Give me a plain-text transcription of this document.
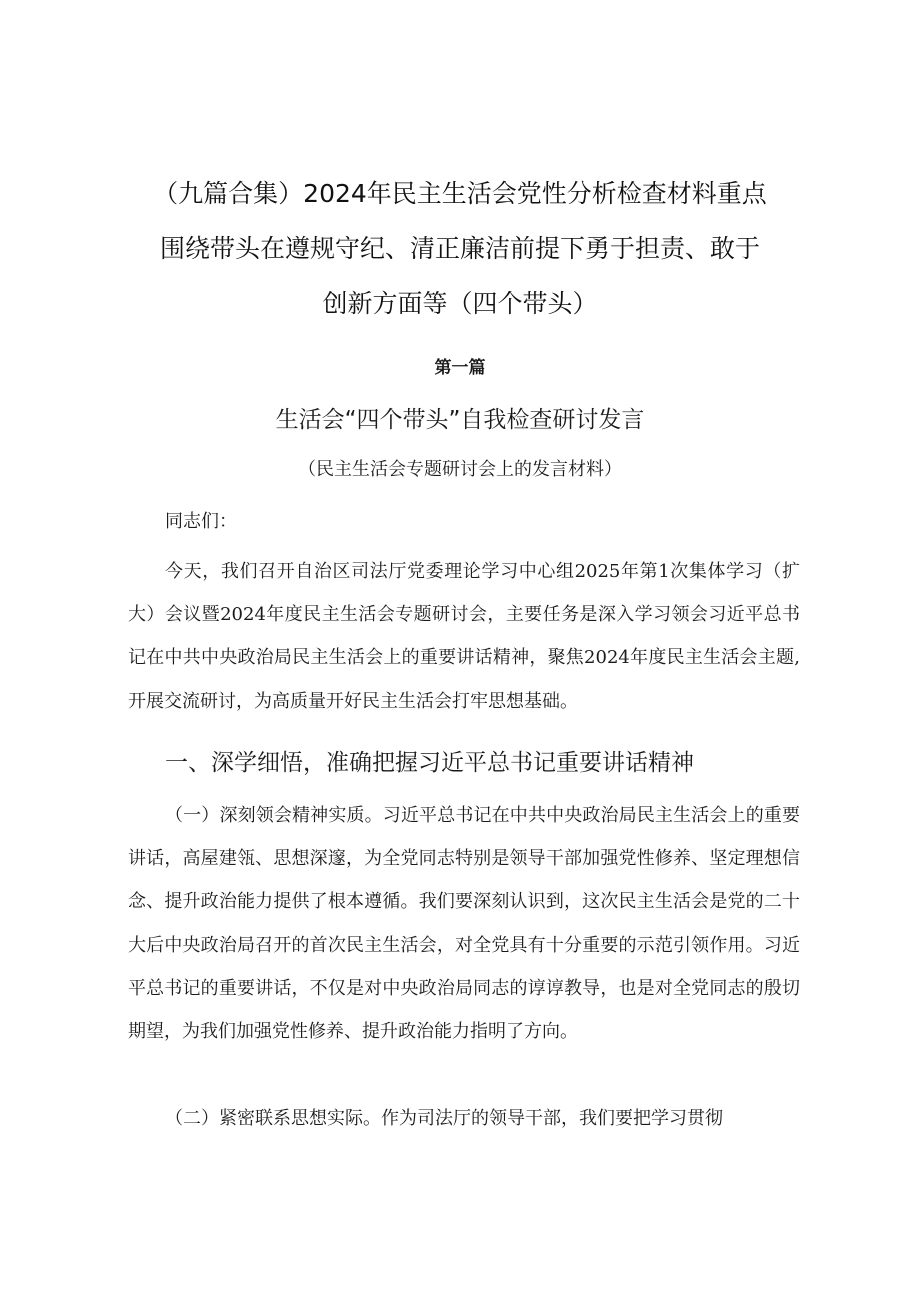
（九篇合集）2024年民主生活会党性分析检查材料重点
围绕带头在遵规守纪、清正廉洁前提下勇于担责、敢于
创新方面等（四个带头）
第一篇
生活会“四个带头”自我检查研讨发言
（民主生活会专题研讨会上的发言材料）
同志们：
今天，我们召开自治区司法厅党委理论学习中心组2025年第1次集体学习（扩大）会议暨2024年度民主生活会专题研讨会，主要任务是深入学习领会习近平总书记在中共中央政治局民主生活会上的重要讲话精神，聚焦2024年度民主生活会主题,开展交流研讨，为高质量开好民主生活会打牢思想基础。
一、深学细悟，准确把握习近平总书记重要讲话精神
（一）深刻领会精神实质。习近平总书记在中共中央政治局民主生活会上的重要讲话，高屋建瓴、思想深邃，为全党同志特别是领导干部加强党性修养、坚定理想信念、提升政治能力提供了根本遵循。我们要深刻认识到，这次民主生活会是党的二十大后中央政治局召开的首次民主生活会，对全党具有十分重要的示范引领作用。习近平总书记的重要讲话，不仅是对中央政治局同志的谆谆教导，也是对全党同志的殷切期望，为我们加强党性修养、提升政治能力指明了方向。
（二）紧密联系思想实际。作为司法厅的领导干部，我们要把学习贯彻
